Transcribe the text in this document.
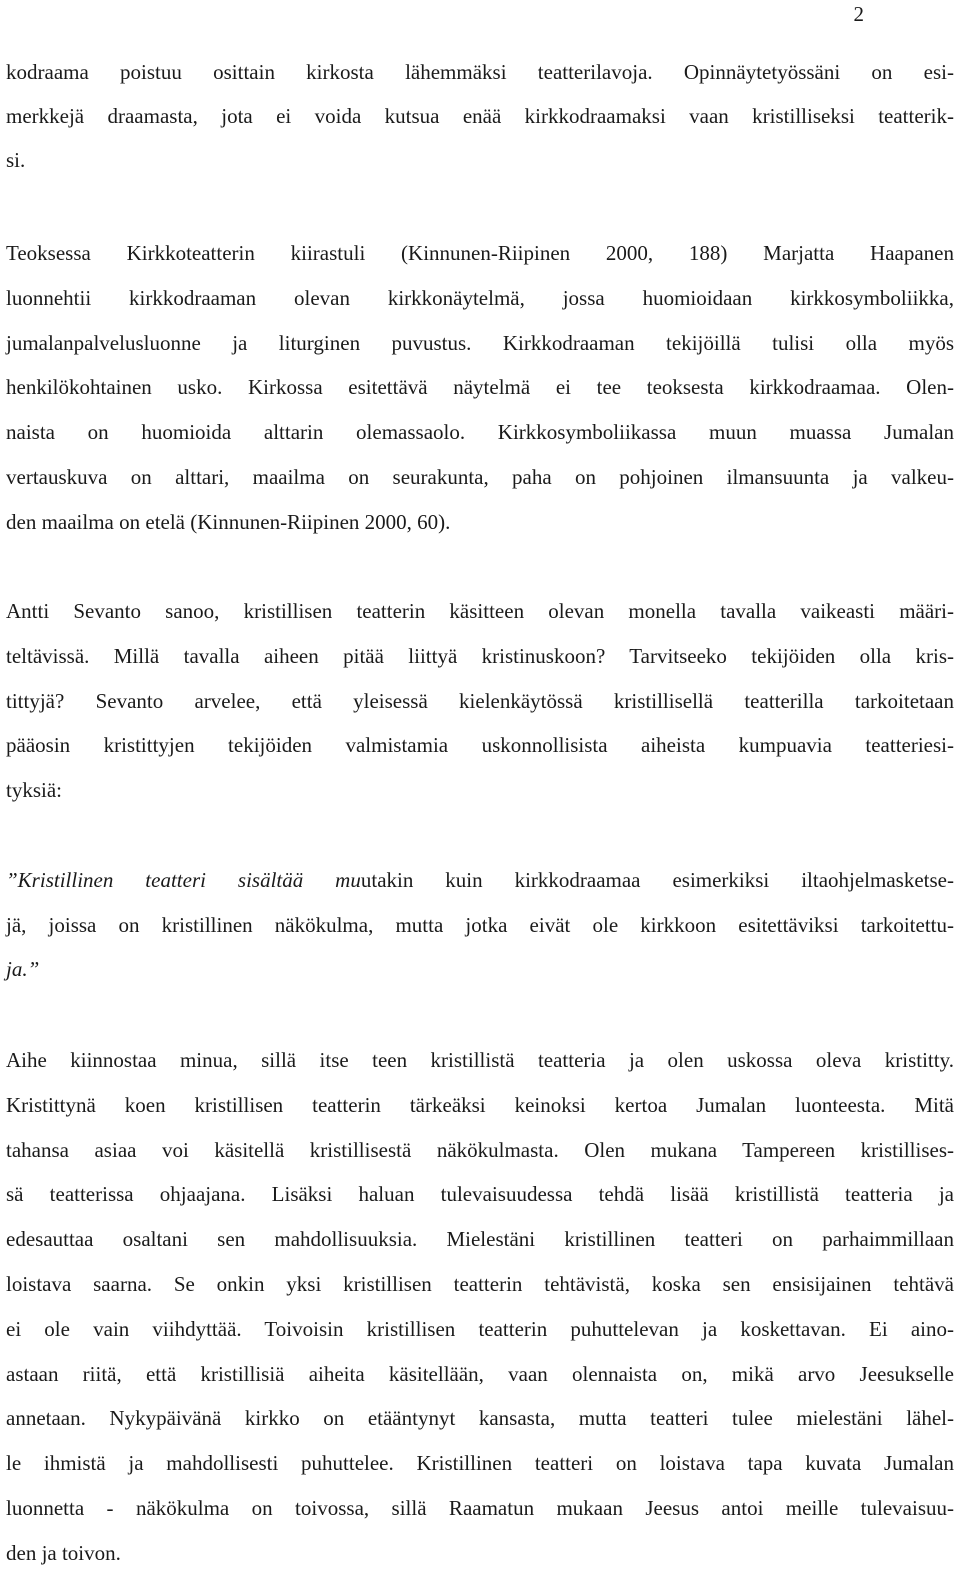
2
kodraama poistuu osittain kirkosta lähemmäksi teatterilavoja. Opinnäytetyössäni on esi-
merkkejä draamasta, jota ei voida kutsua enää kirkkodraamaksi vaan kristilliseksi teatterik-
si.
Teoksessa Kirkkoteatterin kiirastuli (Kinnunen-Riipinen 2000, 188) Marjatta Haapanen
luonnehtii kirkkodraaman olevan kirkkonäytelmä, jossa huomioidaan kirkkosymboliikka,
jumalanpalvelusluonne ja liturginen puvustus. Kirkkodraaman tekijöillä tulisi olla myös
henkilökohtainen usko. Kirkossa esitettävä näytelmä ei tee teoksesta kirkkodraamaa. Olen-
naista on huomioida alttarin olemassaolo. Kirkkosymboliikassa muun muassa Jumalan
vertauskuva on alttari, maailma on seurakunta, paha on pohjoinen ilmansuunta ja valkeu-
den maailma on etelä (Kinnunen-Riipinen 2000, 60).
Antti Sevanto sanoo, kristillisen teatterin käsitteen olevan monella tavalla vaikeasti määri-
teltävissä. Millä tavalla aiheen pitää liittyä kristinuskoon? Tarvitseeko tekijöiden olla kris-
tittyjä? Sevanto arvelee, että yleisessä kielenkäytössä kristillisellä teatterilla tarkoitetaan
pääosin kristittyjen tekijöiden valmistamia uskonnollisista aiheista kumpuavia teatteriesi-
tyksiä:
”Kristillinen teatteri sisältää muutakin kuin kirkkodraamaa esimerkiksi iltaohjelmasketse-
jä, joissa on kristillinen näkökulma, mutta jotka eivät ole kirkkoon esitettäviksi tarkoitettu-
ja.”
Aihe kiinnostaa minua, sillä itse teen kristillistä teatteria ja olen uskossa oleva kristitty.
Kristittynä koen kristillisen teatterin tärkeäksi keinoksi kertoa Jumalan luonteesta. Mitä
tahansa asiaa voi käsitellä kristillisestä näkökulmasta. Olen mukana Tampereen kristillises-
sä teatterissa ohjaajana. Lisäksi haluan tulevaisuudessa tehdä lisää kristillistä teatteria ja
edesauttaa osaltani sen mahdollisuuksia. Mielestäni kristillinen teatteri on parhaimmillaan
loistava saarna. Se onkin yksi kristillisen teatterin tehtävistä, koska sen ensisijainen tehtävä
ei ole vain viihdyttää. Toivoisin kristillisen teatterin puhuttelevan ja koskettavan. Ei aino-
astaan riitä, että kristillisiä aiheita käsitellään, vaan olennaista on, mikä arvo Jeesukselle
annetaan. Nykypäivänä kirkko on etääntynyt kansasta, mutta teatteri tulee mielestäni lähel-
le ihmistä ja mahdollisesti puhuttelee. Kristillinen teatteri on loistava tapa kuvata Jumalan
luonnetta - näkökulma on toivossa, sillä Raamatun mukaan Jeesus antoi meille tulevaisuu-
den ja toivon.
